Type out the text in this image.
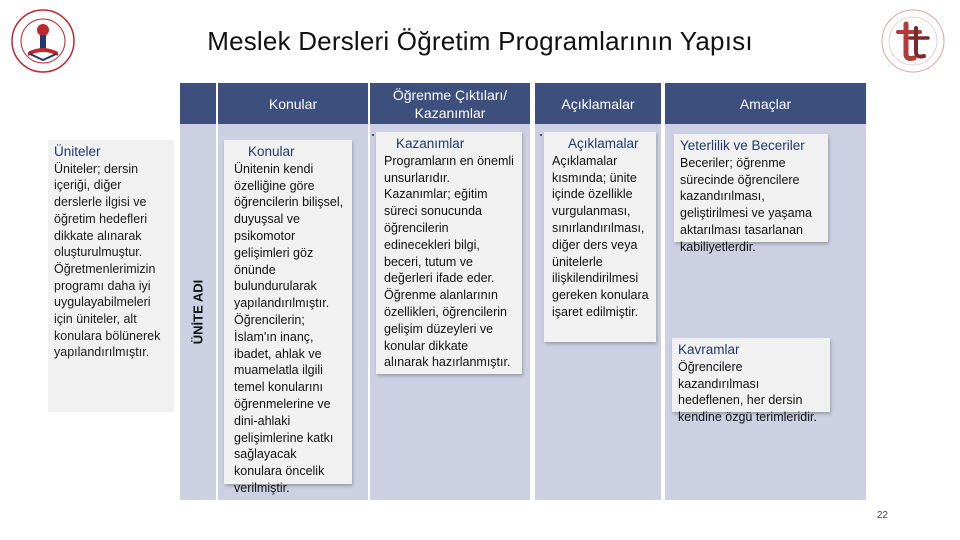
Meslek Dersleri Öğretim Programlarının Yapısı
Konular
Öğrenme Çıktıları/ Kazanımlar
Açıklamalar	Amaçlar
ÜNİTE ADI
Üniteler
Üniteler; dersin içeriği, diğer derslerle ilgisi ve öğretim hedefleri dikkate alınarak oluşturulmuştur. Öğretmenlerimizin programı daha iyi uygulayabilmeleri için üniteler, alt konulara bölünerek yapılandırılmıştır.
Konular
Ünitenin kendi özelliğine göre öğrencilerin bilişsel, duyuşsal ve psikomotor gelişimleri göz önünde bulundurularak yapılandırılmıştır. Öğrencilerin; İslam'ın inanç, ibadet, ahlak ve muamelatla ilgili temel konularını öğrenmelerine ve dini-ahlaki gelişimlerine katkı sağlayacak konulara öncelik verilmiştir.
Kazanımlar
Programların en önemli unsurlarıdır. Kazanımlar; eğitim süreci sonucunda öğrencilerin edinecekleri bilgi, beceri, tutum ve değerleri ifade eder. Öğrenme alanlarının özellikleri, öğrencilerin gelişim düzeyleri ve konular dikkate alınarak hazırlanmıştır.
Açıklamalar
Açıklamalar kısmında; ünite içinde özellikle vurgulanması, sınırlandırılması, diğer ders veya ünitelerle ilişkilendirilmesi gereken konulara işaret edilmiştir.
Yeterlilik ve Beceriler
Beceriler; öğrenme sürecinde öğrencilere kazandırılması, geliştirilmesi ve yaşama aktarılması tasarlanan kabiliyetlerdir.
Kavramlar
Öğrencilere kazandırılması hedeflenen, her dersin kendine özgü terimleridir.
22
